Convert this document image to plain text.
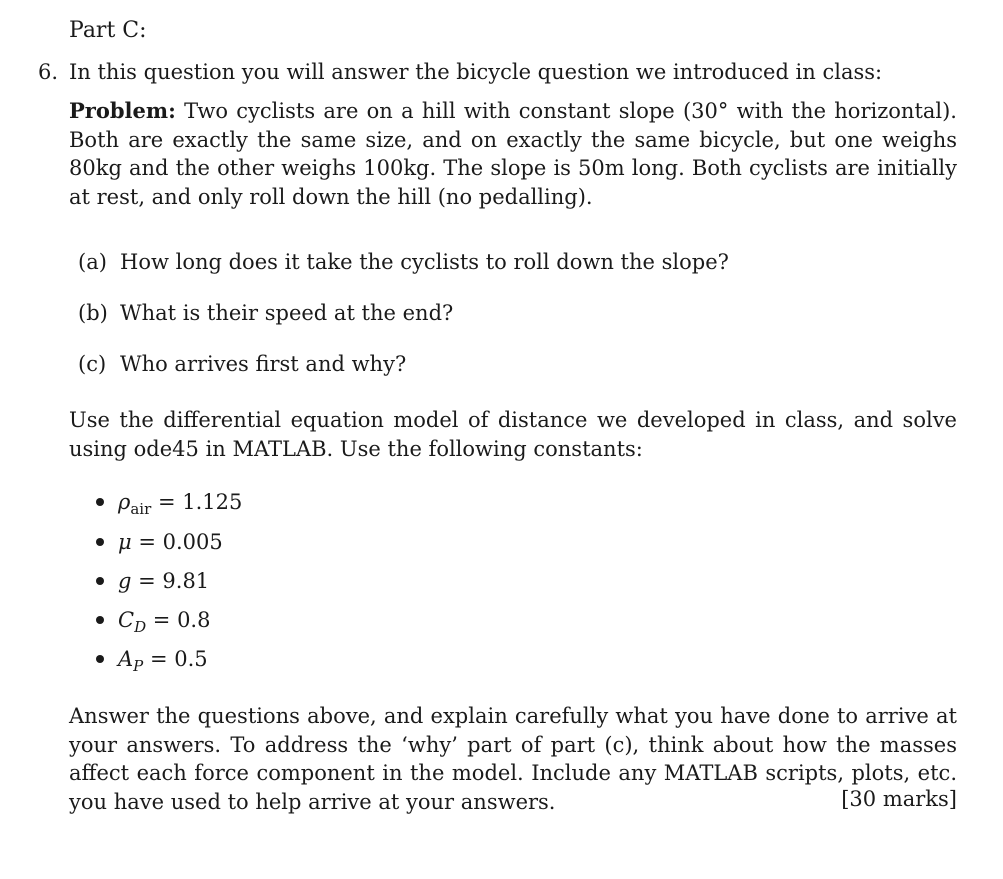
Part C:
6. In this question you will answer the bicycle question we introduced in class:
Problem: Two cyclists are on a hill with constant slope (30° with the horizontal). Both are exactly the same size, and on exactly the same bicycle, but one weighs 80kg and the other weighs 100kg. The slope is 50m long. Both cyclists are initially at rest, and only roll down the hill (no pedalling).
(a) How long does it take the cyclists to roll down the slope?
(b) What is their speed at the end?
(c) Who arrives first and why?
Use the differential equation model of distance we developed in class, and solve using ode45 in MATLAB. Use the following constants:
$\rho_{air} = 1.125$
μ = 0.005
g = 9.81
$C_D = 0.8$
$A_P = 0.5$
Answer the questions above, and explain carefully what you have done to arrive at your answers. To address the ‘why’ part of part (c), think about how the masses affect each force component in the model. Include any MATLAB scripts, plots, etc. you have used to help arrive at your answers.	[30 marks]
